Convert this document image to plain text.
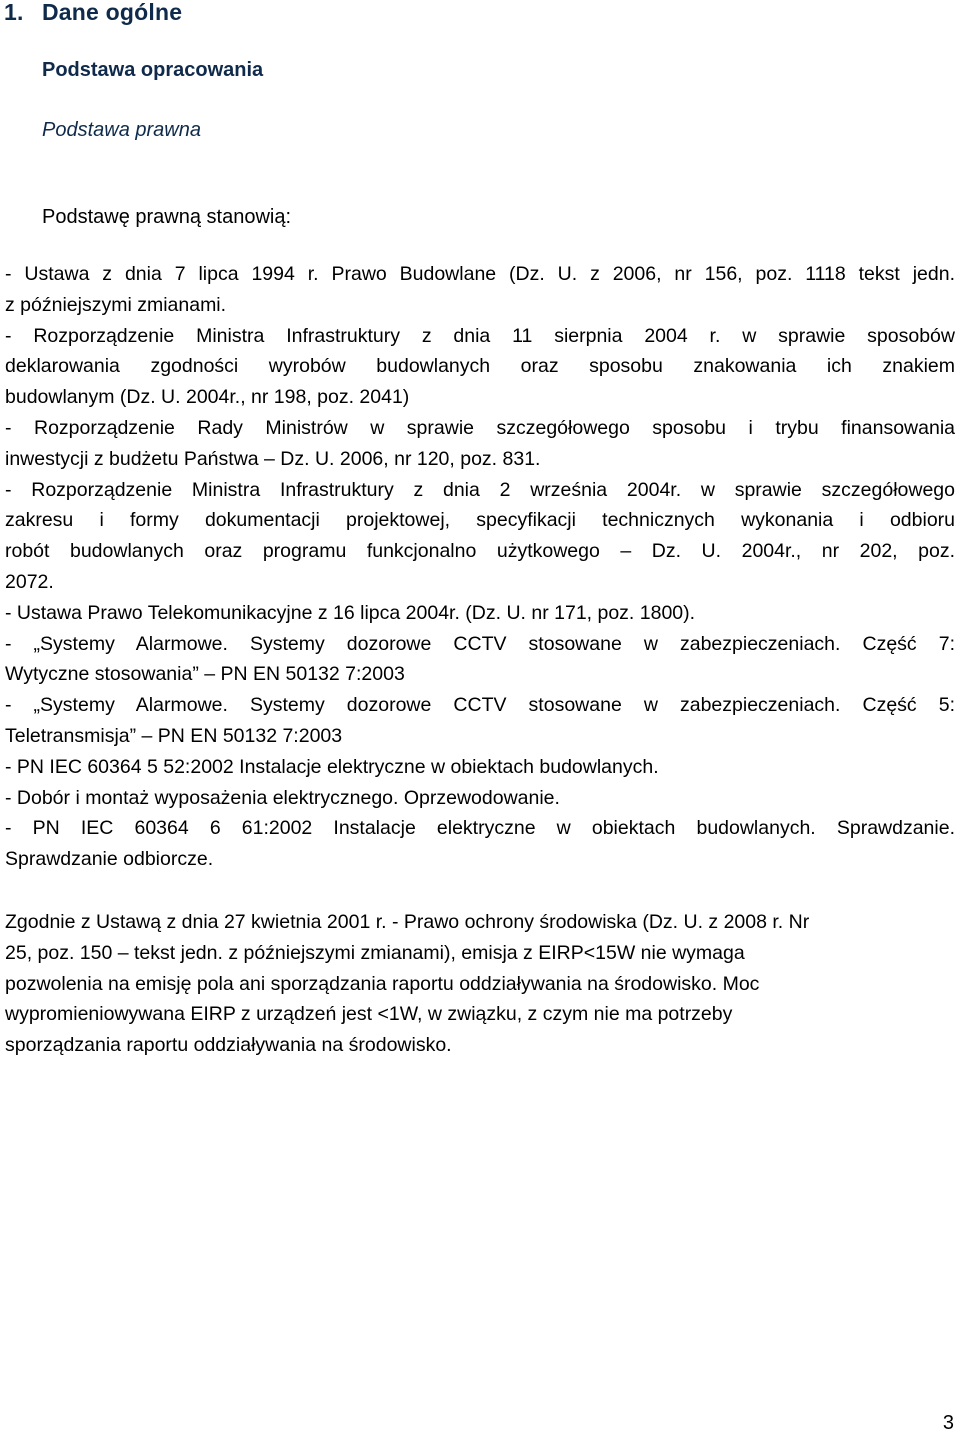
1. Dane ogólne
Podstawa opracowania
Podstawa prawna
Podstawę prawną stanowią:
- Ustawa z dnia 7 lipca 1994 r. Prawo Budowlane (Dz. U. z 2006, nr 156, poz. 1118 tekst jedn.
z późniejszymi zmianami.
- Rozporządzenie Ministra Infrastruktury z dnia 11 sierpnia 2004 r. w sprawie sposobów
deklarowania zgodności wyrobów budowlanych oraz sposobu znakowania ich znakiem
budowlanym (Dz. U. 2004r., nr 198, poz. 2041)
- Rozporządzenie Rady Ministrów w sprawie szczegółowego sposobu i trybu finansowania
inwestycji z budżetu Państwa – Dz. U. 2006, nr 120, poz. 831.
- Rozporządzenie Ministra Infrastruktury z dnia 2 września 2004r. w sprawie szczegółowego
zakresu i formy dokumentacji projektowej, specyfikacji technicznych wykonania i odbioru
robót budowlanych oraz programu funkcjonalno użytkowego – Dz. U. 2004r., nr 202, poz.
2072.
- Ustawa Prawo Telekomunikacyjne z 16 lipca 2004r. (Dz. U. nr 171, poz. 1800).
- „Systemy Alarmowe. Systemy dozorowe CCTV stosowane w zabezpieczeniach. Część 7:
Wytyczne stosowania” – PN EN 50132 7:2003
- „Systemy Alarmowe. Systemy dozorowe CCTV stosowane w zabezpieczeniach. Część 5:
Teletransmisja” – PN EN 50132 7:2003
- PN IEC 60364 5 52:2002 Instalacje elektryczne w obiektach budowlanych.
- Dobór i montaż wyposażenia elektrycznego. Oprzewodowanie.
- PN IEC 60364 6 61:2002 Instalacje elektryczne w obiektach budowlanych. Sprawdzanie.
Sprawdzanie odbiorcze.
Zgodnie z Ustawą z dnia 27 kwietnia 2001 r. - Prawo ochrony środowiska (Dz. U. z 2008 r. Nr
25, poz. 150 – tekst jedn. z późniejszymi zmianami), emisja z EIRP<15W nie wymaga
pozwolenia na emisję pola ani sporządzania raportu oddziaływania na środowisko. Moc
wypromieniowywana EIRP z urządzeń jest <1W, w związku, z czym nie ma potrzeby
sporządzania raportu oddziaływania na środowisko.
3
